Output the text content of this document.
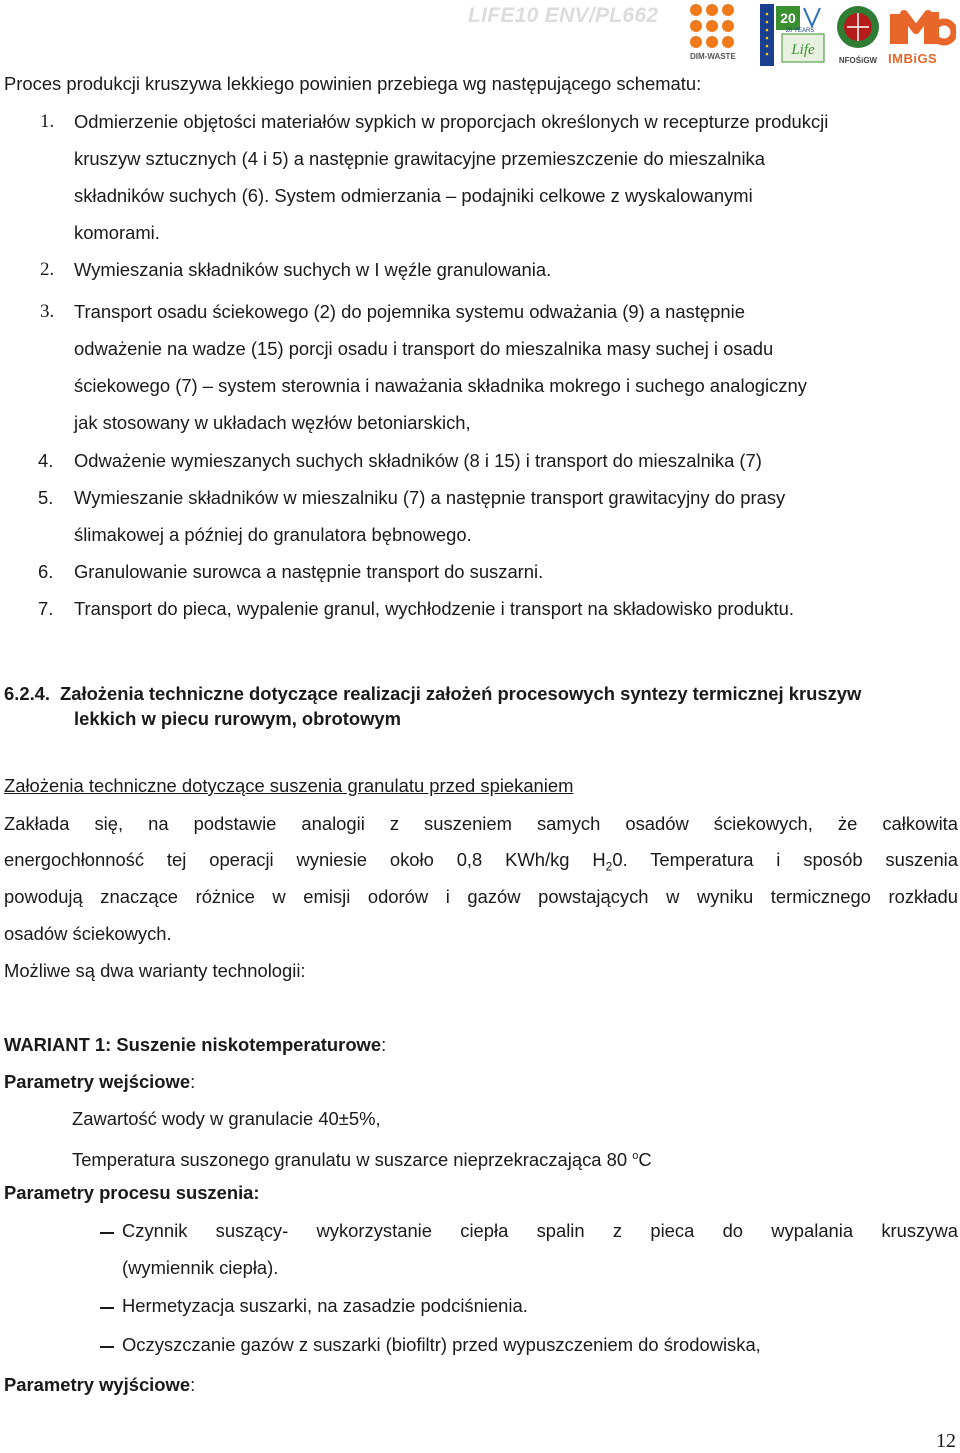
LIFE10 ENV/PL662
DIM-WASTE
20
Life
20 YEARS
NFOŚiGW IMBiGS
Proces produkcji kruszywa lekkiego powinien przebiega wg następującego schematu:
1. Odmierzenie objętości materiałów sypkich w proporcjach określonych w recepturze produkcji
kruszyw sztucznych (4 i 5) a następnie grawitacyjne przemieszczenie do mieszalnika
składników suchych (6). System odmierzania – podajniki celkowe z wyskalowanymi
komorami.
2. Wymieszania składników suchych w I węźle granulowania.
3. Transport osadu ściekowego (2) do pojemnika systemu odważania (9) a następnie
odważenie na wadze (15) porcji osadu i transport do mieszalnika masy suchej i osadu
ściekowego (7) – system sterownia i naważania składnika mokrego i suchego analogiczny
jak stosowany w układach węzłów betoniarskich,
4. Odważenie wymieszanych suchych składników (8 i 15) i transport do mieszalnika (7)
5. Wymieszanie składników w mieszalniku (7) a następnie transport grawitacyjny do prasy
ślimakowej a później do granulatora bębnowego.
6. Granulowanie surowca a następnie transport do suszarni.
7. Transport do pieca, wypalenie granul, wychłodzenie i transport na składowisko produktu.
6.2.4. Założenia techniczne dotyczące realizacji założeń procesowych syntezy termicznej kruszyw
lekkich w piecu rurowym, obrotowym
Założenia techniczne dotyczące suszenia granulatu przed spiekaniem
Zakłada się, na podstawie analogii z suszeniem samych osadów ściekowych, że całkowita
energochłonność tej operacji wyniesie około 0,8 KWh/kg $H_20$. Temperatura i sposób suszenia
powodują znaczące różnice w emisji odorów i gazów powstających w wyniku termicznego rozkładu
osadów ściekowych.
Możliwe są dwa warianty technologii:
WARIANT 1: Suszenie niskotemperaturowe:
Parametry wejściowe:
Zawartość wody w granulacie 40±5%,
Temperatura suszonego granulatu w suszarce nieprzekraczająca 80 $^o$C
Parametry procesu suszenia:
Czynnik suszący- wykorzystanie ciepła spalin z pieca do wypalania kruszywa
(wymiennik ciepła).
Hermetyzacja suszarki, na zasadzie podciśnienia.
Oczyszczanie gazów z suszarki (biofiltr) przed wypuszczeniem do środowiska,
Parametry wyjściowe:
12
